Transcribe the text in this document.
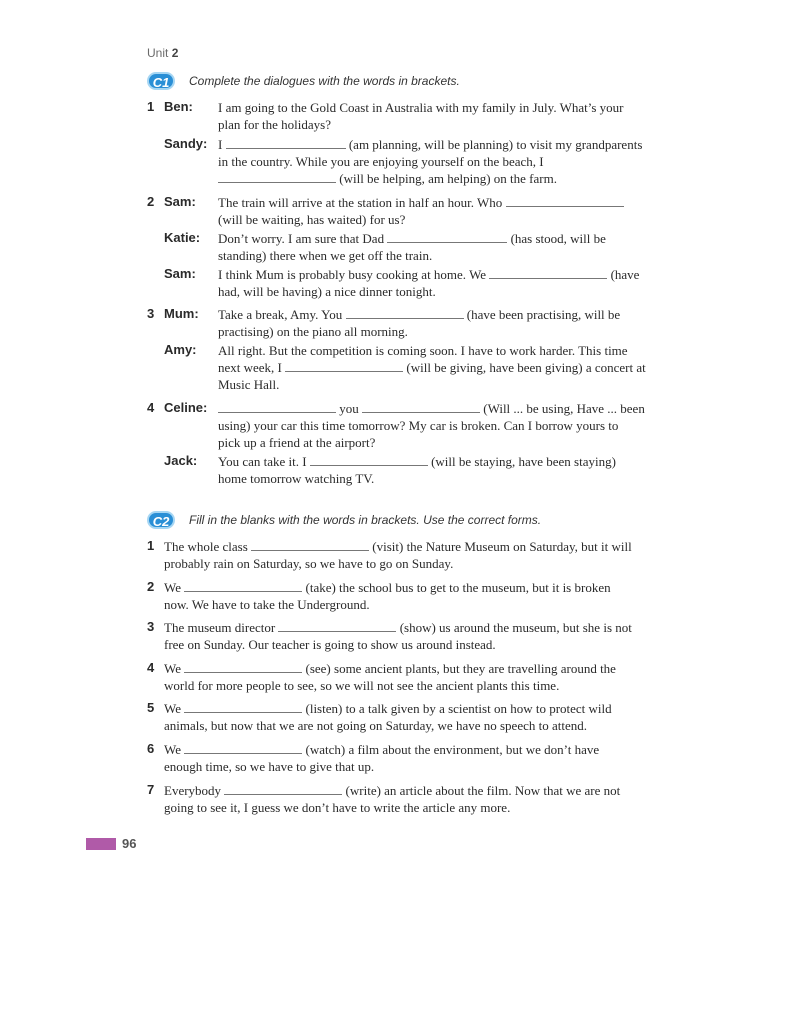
Unit 2
C1	Complete the dialogues with the words in brackets.
1 Ben: I am going to the Gold Coast in Australia with my family in July. What’s your
plan for the holidays?
Sandy: I	(am planning, will be planning) to visit my grandparents
in the country. While you are enjoying yourself on the beach, I
(will be helping, am helping) on the farm.
2 Sam: The train will arrive at the station in half an hour. Who
(will be waiting, has waited) for us?
Katie: Don’t worry. I am sure that Dad	(has stood, will be
standing) there when we get off the train.
Sam: I think Mum is probably busy cooking at home. We	(have
had, will be having) a nice dinner tonight.
3 Mum: Take a break, Amy. You	(have been practising, will be
practising) on the piano all morning.
Amy: All right. But the competition is coming soon. I have to work harder. This time
next week, I	(will be giving, have been giving) a concert at
Music Hall.
4 Celine:	you	(Will ... be using, Have ... been
using) your car this time tomorrow? My car is broken. Can I borrow yours to
pick up a friend at the airport?
Jack: You can take it. I	(will be staying, have been staying)
home tomorrow watching TV.
C2	Fill in the blanks with the words in brackets. Use the correct forms.
1 The whole class	(visit) the Nature Museum on Saturday, but it will
probably rain on Saturday, so we have to go on Sunday.
2 We	(take) the school bus to get to the museum, but it is broken
now. We have to take the Underground.
3 The museum director	(show) us around the museum, but she is not
free on Sunday. Our teacher is going to show us around instead.
4 We	(see) some ancient plants, but they are travelling around the
world for more people to see, so we will not see the ancient plants this time.
5 We	(listen) to a talk given by a scientist on how to protect wild
animals, but now that we are not going on Saturday, we have no speech to attend.
6 We	(watch) a film about the environment, but we don’t have
enough time, so we have to give that up.
7 Everybody	(write) an article about the film. Now that we are not
going to see it, I guess we don’t have to write the article any more.
96
